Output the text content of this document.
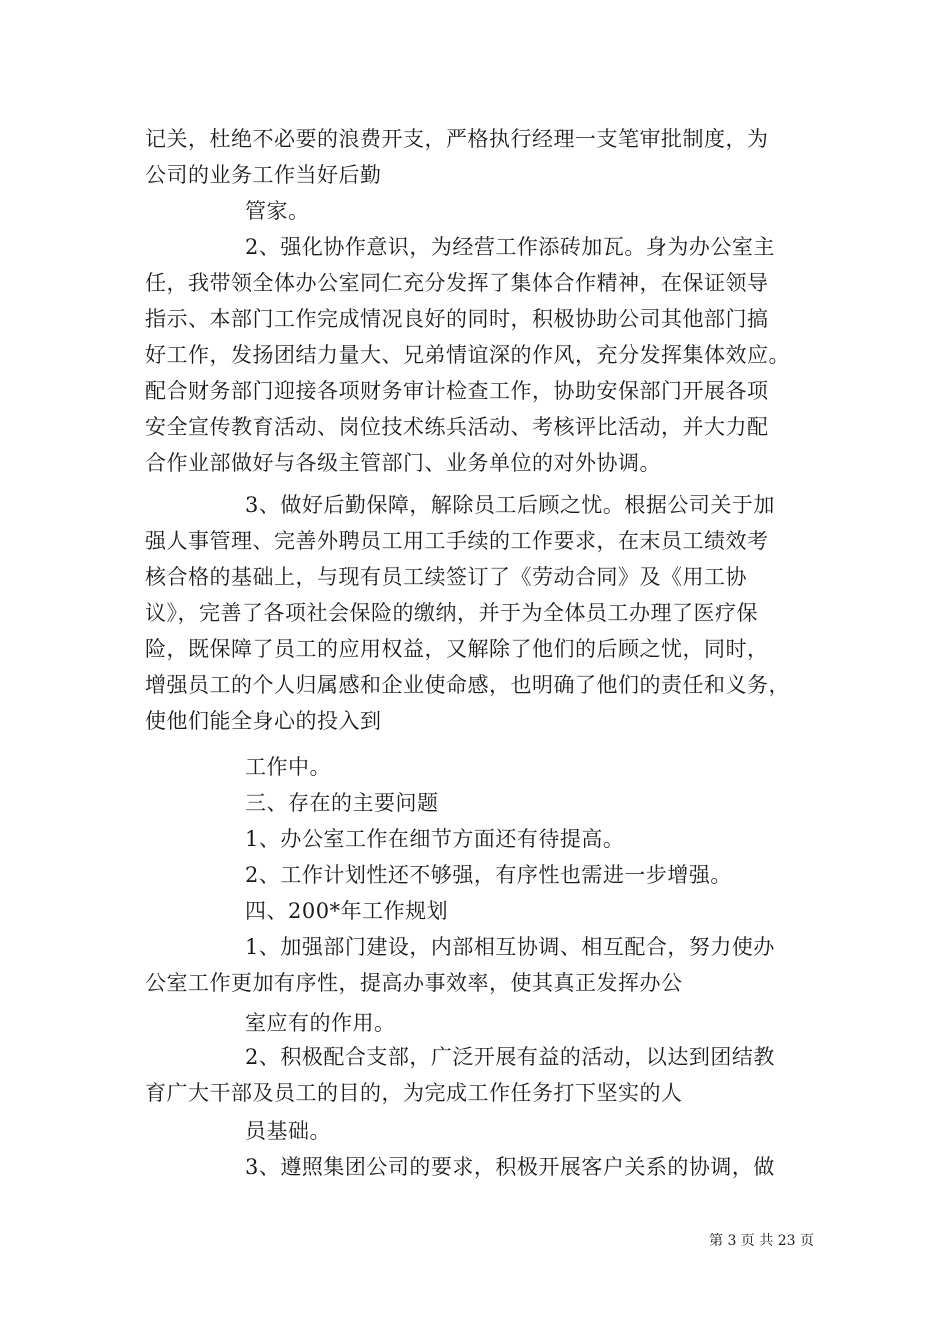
记关，杜绝不必要的浪费开支，严格执行经理一支笔审批制度，为
公司的业务工作当好后勤
管家。
2、强化协作意识，为经营工作添砖加瓦。身为办公室主
任，我带领全体办公室同仁充分发挥了集体合作精神，在保证领导
指示、本部门工作完成情况良好的同时，积极协助公司其他部门搞
好工作，发扬团结力量大、兄弟情谊深的作风，充分发挥集体效应。
配合财务部门迎接各项财务审计检查工作，协助安保部门开展各项
安全宣传教育活动、岗位技术练兵活动、考核评比活动，并大力配
合作业部做好与各级主管部门、业务单位的对外协调。
3、做好后勤保障，解除员工后顾之忧。根据公司关于加
强人事管理、完善外聘员工用工手续的工作要求，在末员工绩效考
核合格的基础上，与现有员工续签订了《劳动合同》及《用工协
议》，完善了各项社会保险的缴纳，并于为全体员工办理了医疗保
险，既保障了员工的应用权益，又解除了他们的后顾之忧，同时，
增强员工的个人归属感和企业使命感，也明确了他们的责任和义务，
使他们能全身心的投入到
工作中。
三、存在的主要问题
1、办公室工作在细节方面还有待提高。
2、工作计划性还不够强，有序性也需进一步增强。
四、200*年工作规划
1、加强部门建设，内部相互协调、相互配合，努力使办
公室工作更加有序性，提高办事效率，使其真正发挥办公
室应有的作用。
2、积极配合支部，广泛开展有益的活动，以达到团结教
育广大干部及员工的目的，为完成工作任务打下坚实的人
员基础。
3、遵照集团公司的要求，积极开展客户关系的协调，做
第 3 页 共 23 页
